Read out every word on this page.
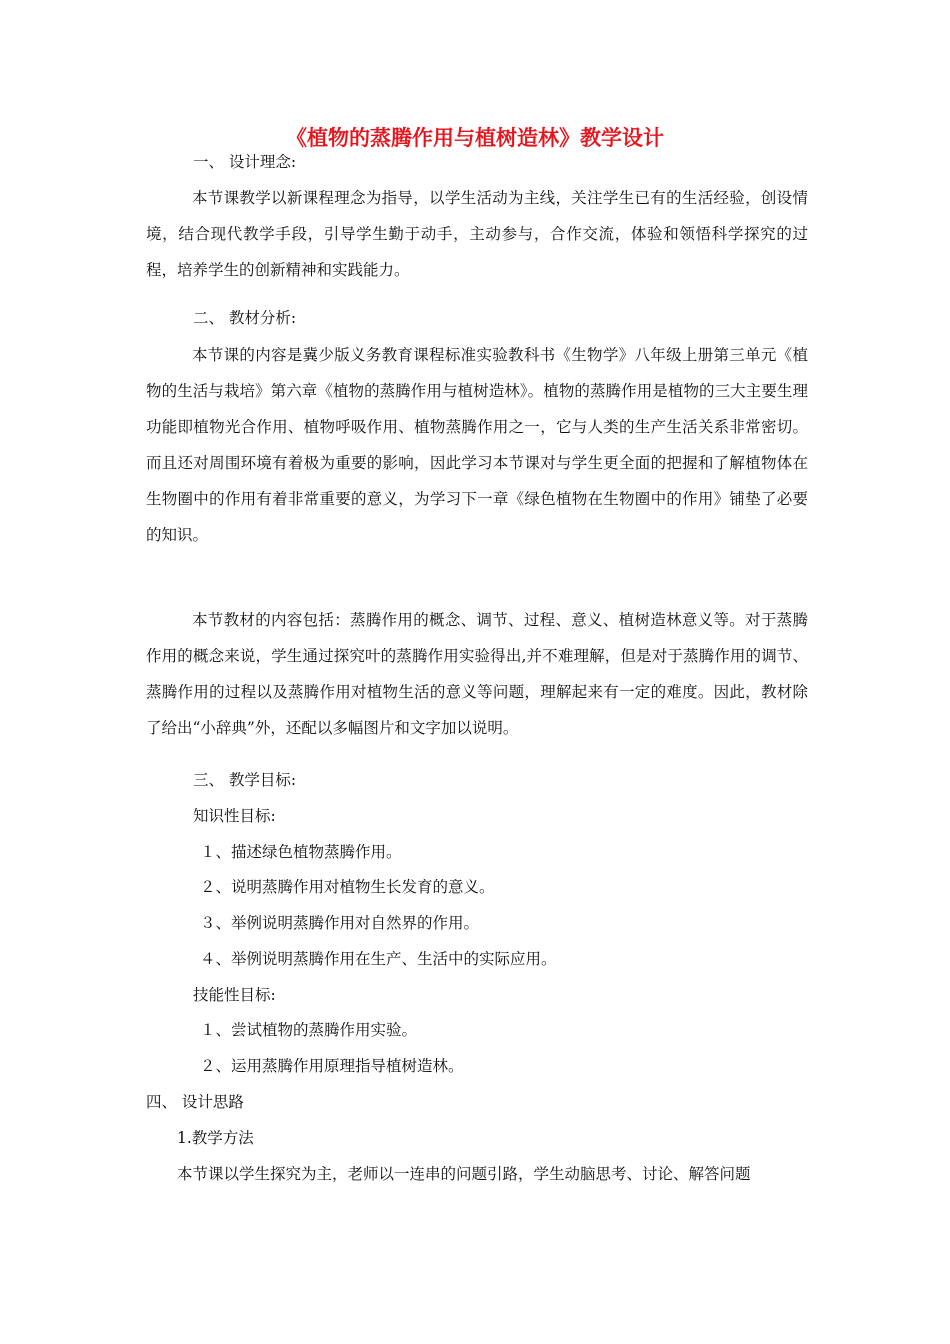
《植物的蒸腾作用与植树造林》教学设计
一、 设计理念:
本节课教学以新课程理念为指导，以学生活动为主线，关注学生已有的生活经验，创设情境，结合现代教学手段，引导学生勤于动手，主动参与，合作交流，体验和领悟科学探究的过程，培养学生的创新精神和实践能力。
二、 教材分析:
本节课的内容是冀少版义务教育课程标准实验教科书《生物学》八年级上册第三单元《植物的生活与栽培》第六章《植物的蒸腾作用与植树造林》。植物的蒸腾作用是植物的三大主要生理功能即植物光合作用、植物呼吸作用、植物蒸腾作用之一，它与人类的生产生活关系非常密切。而且还对周围环境有着极为重要的影响，因此学习本节课对与学生更全面的把握和了解植物体在生物圈中的作用有着非常重要的意义，为学习下一章《绿色植物在生物圈中的作用》铺垫了必要的知识。
本节教材的内容包括：蒸腾作用的概念、调节、过程、意义、植树造林意义等。对于蒸腾作用的概念来说，学生通过探究叶的蒸腾作用实验得出,并不难理解，但是对于蒸腾作用的调节、蒸腾作用的过程以及蒸腾作用对植物生活的意义等问题，理解起来有一定的难度。因此，教材除了给出“小辞典”外，还配以多幅图片和文字加以说明。
三、 教学目标:
知识性目标:
１、描述绿色植物蒸腾作用。
２、说明蒸腾作用对植物生长发育的意义。
３、举例说明蒸腾作用对自然界的作用。
４、举例说明蒸腾作用在生产、生活中的实际应用。
技能性目标:
１、尝试植物的蒸腾作用实验。
２、运用蒸腾作用原理指导植树造林。
四、 设计思路
1.教学方法
本节课以学生探究为主，老师以一连串的问题引路，学生动脑思考、讨论、解答问题
